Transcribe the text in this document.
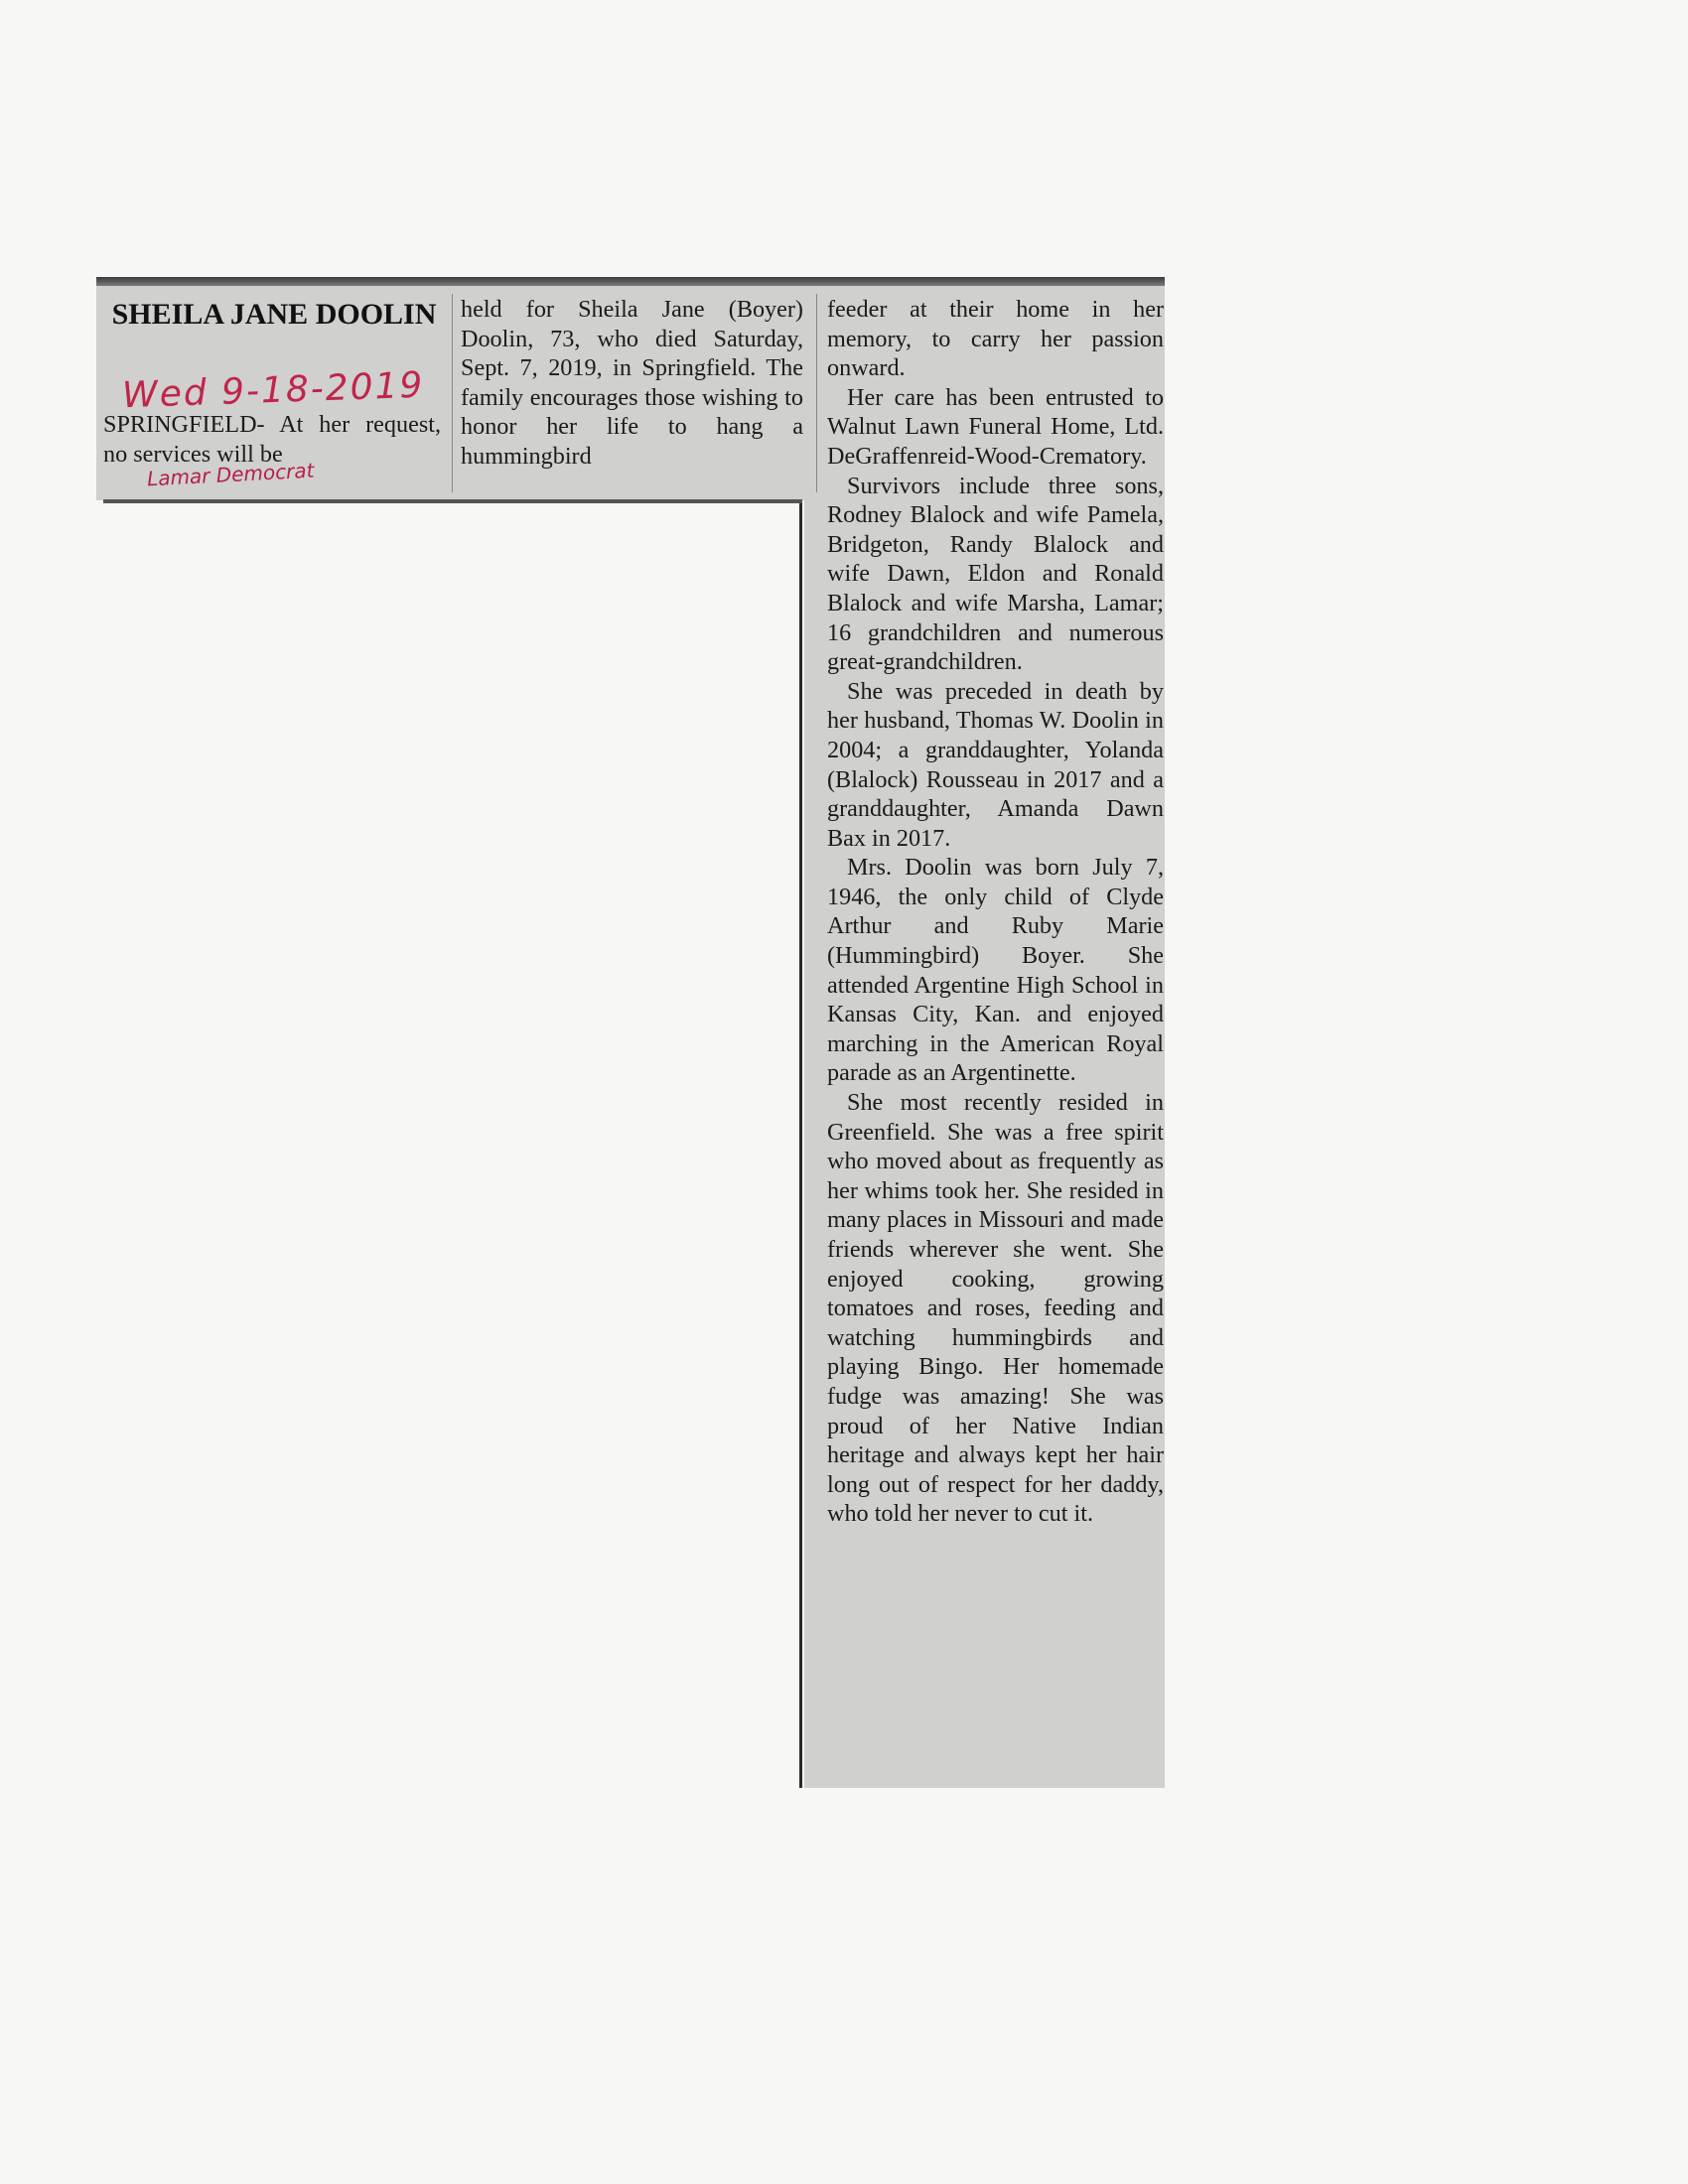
SHEILA JANE DOOLIN
Wed 9-18-2019

SPRINGFIELD- At her request, no services will be

Lamar Democrat

held for Sheila Jane (Boyer) Doolin, 73, who died Saturday, Sept. 7, 2019, in Springfield. The family encourages those wishing to honor her life to hang a hummingbird

feeder at their home in her memory, to carry her passion onward.

Her care has been entrusted to Walnut Lawn Funeral Home, Ltd. DeGraffenreid-Wood-Crematory.

Survivors include three sons, Rodney Blalock and wife Pamela, Bridgeton, Randy Blalock and wife Dawn, Eldon and Ronald Blalock and wife Marsha, Lamar; 16 grandchildren and numerous great-grandchildren.

She was preceded in death by her husband, Thomas W. Doolin in 2004; a granddaughter, Yolanda (Blalock) Rousseau in 2017 and a granddaughter, Amanda Dawn Bax in 2017.

Mrs. Doolin was born July 7, 1946, the only child of Clyde Arthur and Ruby Marie (Hummingbird) Boyer. She attended Argentine High School in Kansas City, Kan. and enjoyed marching in the American Royal parade as an Argentinette.

She most recently resided in Greenfield. She was a free spirit who moved about as frequently as her whims took her. She resided in many places in Missouri and made friends wherever she went. She enjoyed cooking, growing tomatoes and roses, feeding and watching hummingbirds and playing Bingo. Her homemade fudge was amazing! She was proud of her Native Indian heritage and always kept her hair long out of respect for her daddy, who told her never to cut it.
